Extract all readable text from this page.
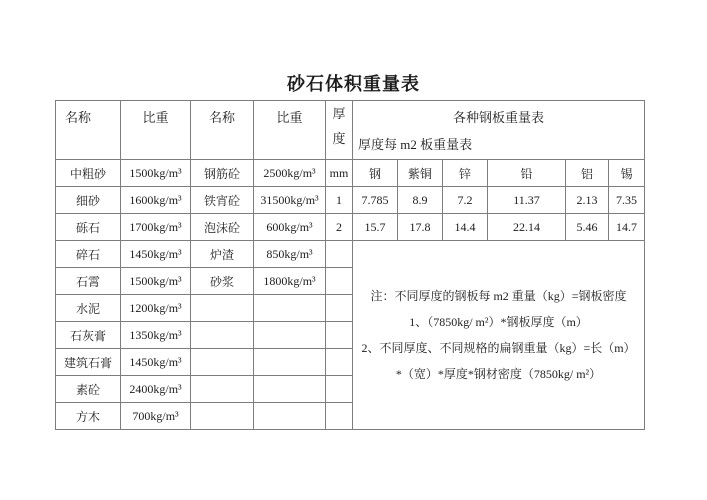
砂石体积重量表
名称	比重	名称	比重	厚
度

各种钢板重量表
厚度每 m2 板重量表

中粗砂	1500kg/m³	钢筋砼	2500kg/m³	mm	钢	紫铜	锌	铅	铝	锡
细砂	1600kg/m³	铁宵砼	31500kg/m³	1	7.785	8.9	7.2	11.37	2.13	7.35
砾石	1700kg/m³	泡沫砼	600kg/m³	2	15.7	17.8	14.4	22.14	5.46	14.7
碎石	1450kg/m³	炉渣	850kg/m³		注：不同厚度的钢板每 m2 重量（kg）=钢板密度
1、（7850kg/ m²）*钢板厚度（m）
2、不同厚度、不同规格的扁钢重量（kg）=长（m）
*（宽）*厚度*钢材密度（7850kg/ m²）					

石霄	1500kg/m³	砂浆	1800kg/m³							
水泥	1200kg/m³									
石灰膏	1350kg/m³									
建筑石膏	1450kg/m³									
素砼	2400kg/m³									
方木	700kg/m³									
